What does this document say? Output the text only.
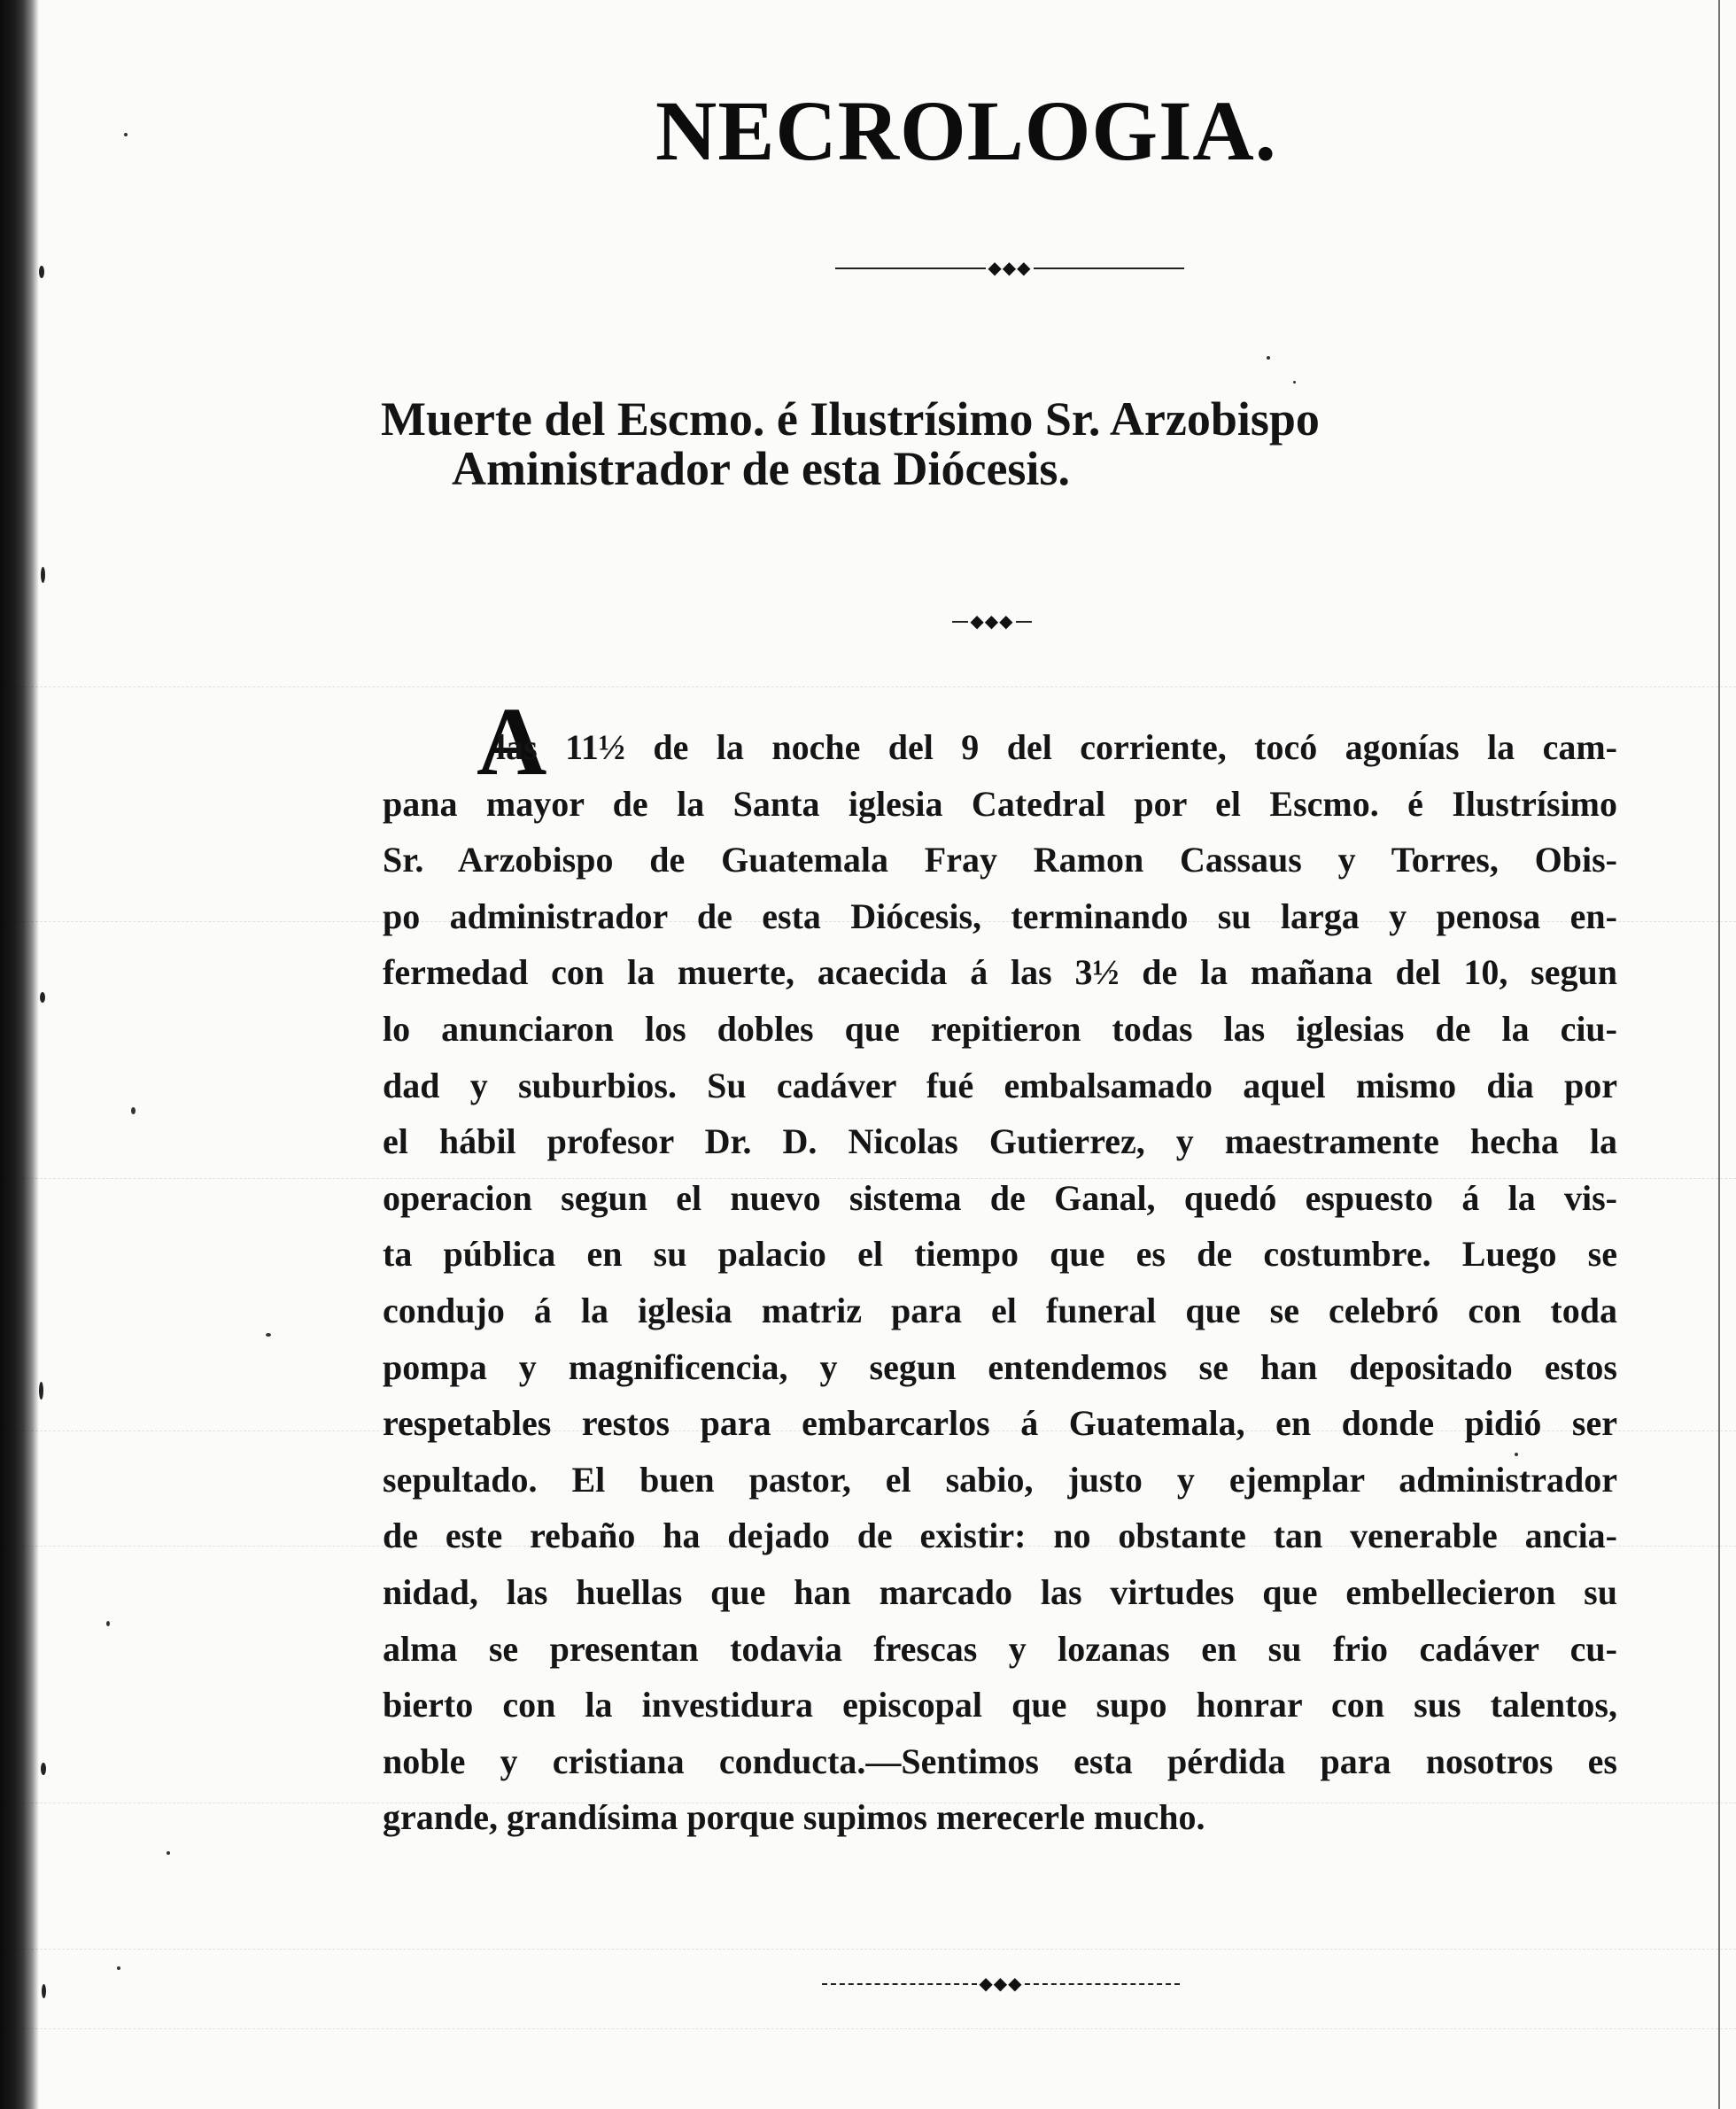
NECROLOGIA.
◆◆◆
Muerte del Escmo. é Ilustrísimo Sr. Arzobispo
Aministrador de esta Diócesis.
◆◆◆
A
las 11½ de la noche del 9 del corriente, tocó agonías la cam-
pana mayor de la Santa iglesia Catedral por el Escmo. é Ilustrísimo
Sr. Arzobispo de Guatemala Fray Ramon Cassaus y Torres, Obis-
po administrador de esta Diócesis, terminando su larga y penosa en-
fermedad con la muerte, acaecida á las 3½ de la mañana del 10, segun
lo anunciaron los dobles que repitieron todas las iglesias de la ciu-
dad y suburbios. Su cadáver fué embalsamado aquel mismo dia por
el hábil profesor Dr. D. Nicolas Gutierrez, y maestramente hecha la
operacion segun el nuevo sistema de Ganal, quedó espuesto á la vis-
ta pública en su palacio el tiempo que es de costumbre. Luego se
condujo á la iglesia matriz para el funeral que se celebró con toda
pompa y magnificencia, y segun entendemos se han depositado estos
respetables restos para embarcarlos á Guatemala, en donde pidió ser
sepultado. El buen pastor, el sabio, justo y ejemplar administrador
de este rebaño ha dejado de existir: no obstante tan venerable ancia-
nidad, las huellas que han marcado las virtudes que embellecieron su
alma se presentan todavia frescas y lozanas en su frio cadáver cu-
bierto con la investidura episcopal que supo honrar con sus talentos,
noble y cristiana conducta.—Sentimos esta pérdida para nosotros es
grande, grandísima porque supimos merecerle mucho.
◆◆◆
